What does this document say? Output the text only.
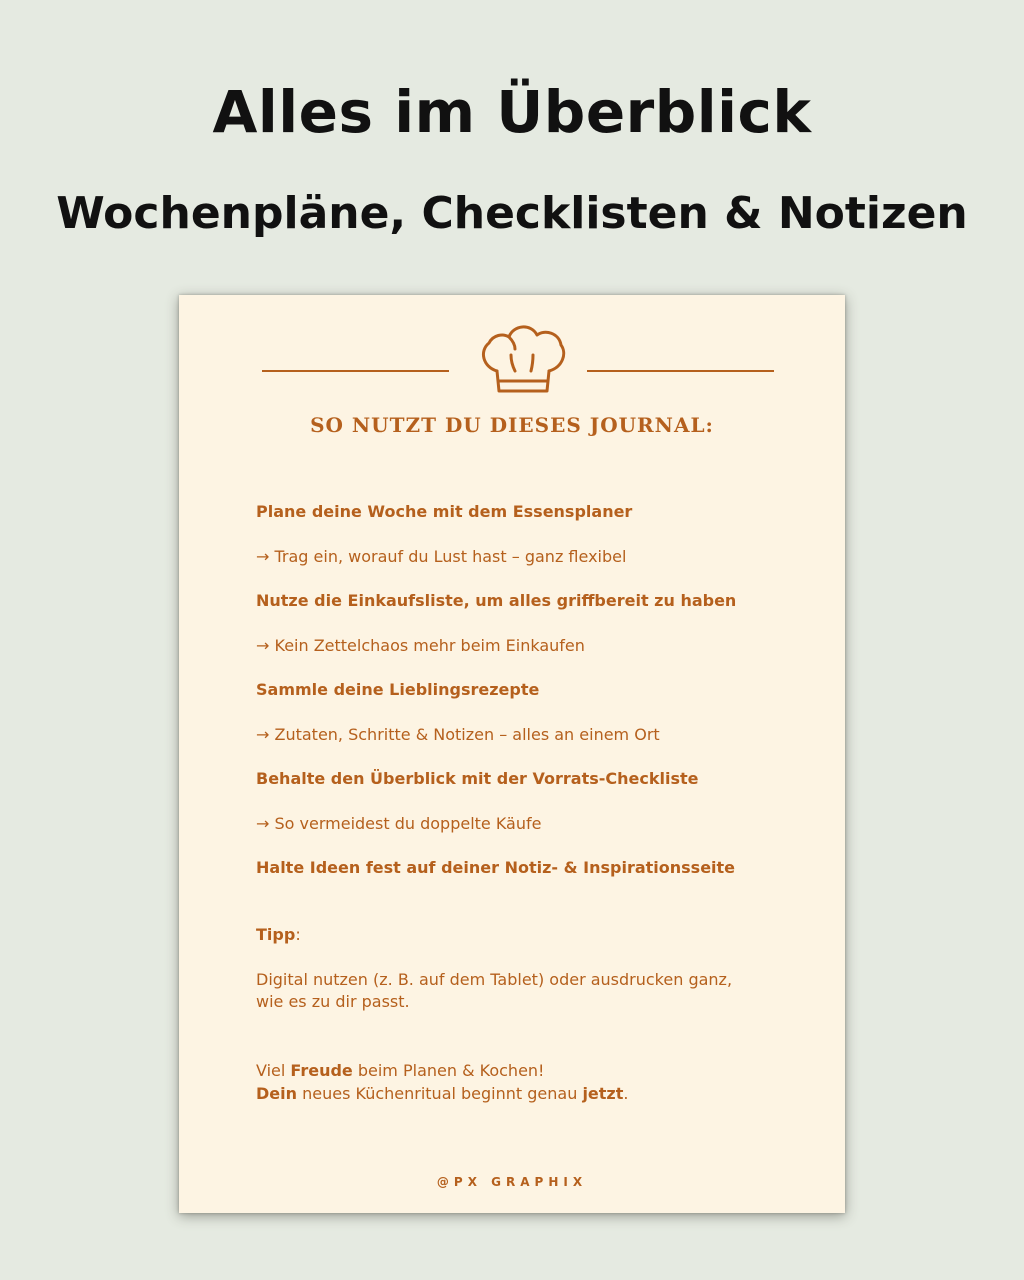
Alles im Überblick
Wochenpläne, Checklisten & Notizen
SO NUTZT DU DIESES JOURNAL:
Plane deine Woche mit dem Essensplaner
→ Trag ein, worauf du Lust hast – ganz flexibel
Nutze die Einkaufsliste, um alles griffbereit zu haben
→ Kein Zettelchaos mehr beim Einkaufen
Sammle deine Lieblingsrezepte
→ Zutaten, Schritte & Notizen – alles an einem Ort
Behalte den Überblick mit der Vorrats-Checkliste
→ So vermeidest du doppelte Käufe
Halte Ideen fest auf deiner Notiz- & Inspirationsseite
Tipp:
Digital nutzen (z. B. auf dem Tablet) oder ausdrucken ganz, wie es zu dir passt.
Viel Freude beim Planen & Kochen!
Dein neues Küchenritual beginnt genau jetzt.
@PX GRAPHIX
